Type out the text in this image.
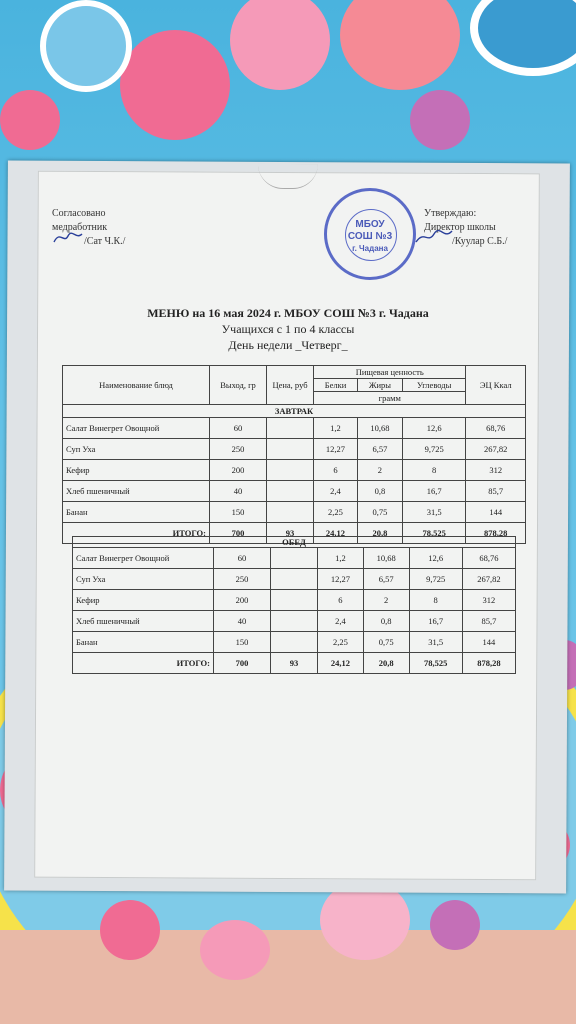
Согласовано
медработник
/Сат Ч.К./
Утверждаю:
Директор школы
/Куулар С.Б./
МБОУ
СОШ №3
г. Чадана
МЕНЮ на 16 мая 2024 г. МБОУ СОШ №3 г. Чадана
Учащихся с 1 по 4 классы
День недели _Четверг_
Наименование блюд	Выход, гр	Цена, руб	Пищевая ценность			ЭЦ Ккал
			Белки	Жиры	Углеводы	
			грамм			
ЗАВТРАК						
Салат Винегрет Овощной	60		1,2	10,68	12,6	68,76
Суп Уха	250		12,27	6,57	9,725	267,82
Кефир	200		6	2	8	312
Хлеб пшеничный	40		2,4	0,8	16,7	85,7
Банан	150		2,25	0,75	31,5	144
ИТОГО:	700	93	24,12	20,8	78,525	878,28
ОБЕД						
Салат Винегрет Овощной	60		1,2	10,68	12,6	68,76
Суп Уха	250		12,27	6,57	9,725	267,82
Кефир	200		6	2	8	312
Хлеб пшеничный	40		2,4	0,8	16,7	85,7
Банан	150		2,25	0,75	31,5	144
ИТОГО:	700	93	24,12	20,8	78,525	878,28
